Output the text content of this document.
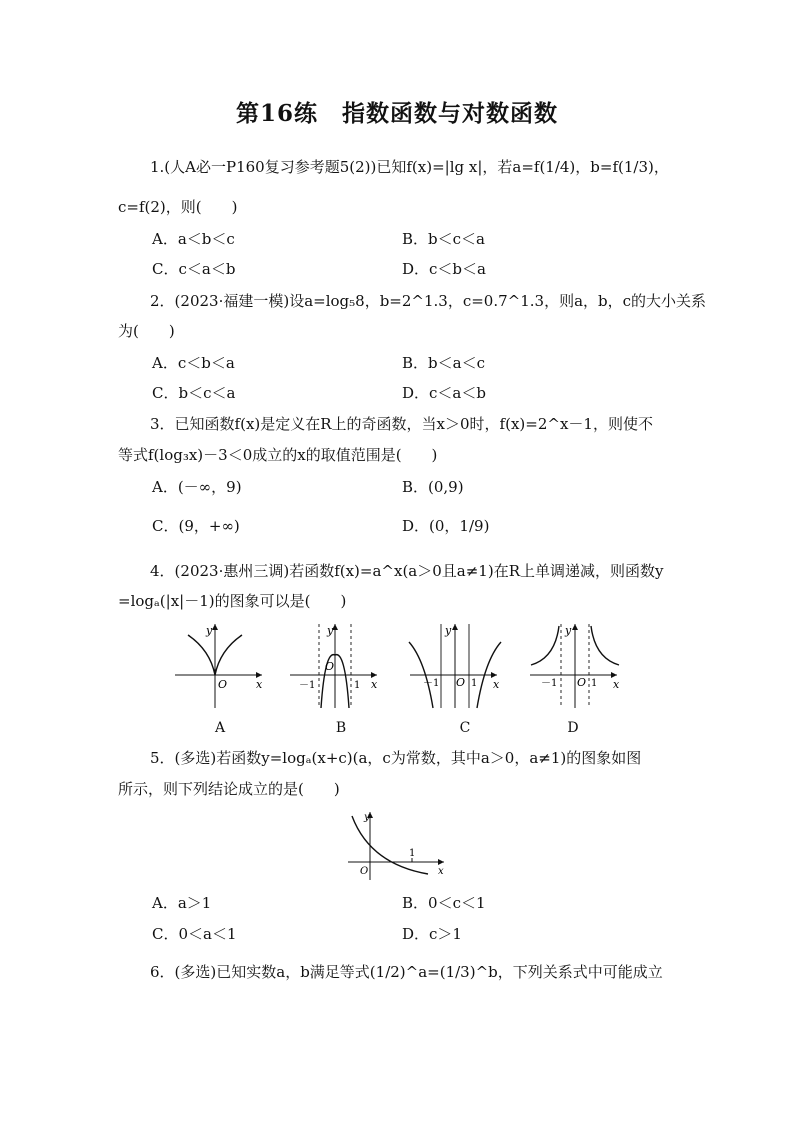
第16练　指数函数与对数函数
1.(人A必一P160复习参考题5(2))已知f(x)=|lg x|，若a=f(1/4)，b=f(1/3)，
c=f(2)，则(　　)
A．a＜b＜c	B．b＜c＜a
C．c＜a＜b	D．c＜b＜a
2．(2023·福建一模)设a=log₅8，b=2^1.3，c=0.7^1.3，则a，b，c的大小关系
为(　　)
A．c＜b＜a	B．b＜a＜c
C．b＜c＜a	D．c＜a＜b
3．已知函数f(x)是定义在R上的奇函数，当x＞0时，f(x)=2^x－1，则使不
等式f(log₃x)－3＜0成立的x的取值范围是(　　)
A．(－∞，9)	B．(0,9)
C．(9，+∞)	D．(0，1/9)
4．(2023·惠州三调)若函数f(x)=a^x(a＞0且a≠1)在R上单调递减，则函数y
=logₐ(|x|－1)的图象可以是(　　)
y
x
O
y
x
O
－1	1
y
x
O
－1	1
y
x
O
－1	1
A	B	C	D
5．(多选)若函数y=logₐ(x+c)(a，c为常数，其中a＞0，a≠1)的图象如图
所示，则下列结论成立的是(　　)
y
x
O
1
A．a＞1	B．0＜c＜1
C．0＜a＜1	D．c＞1
6．(多选)已知实数a，b满足等式(1/2)^a=(1/3)^b，下列关系式中可能成立
